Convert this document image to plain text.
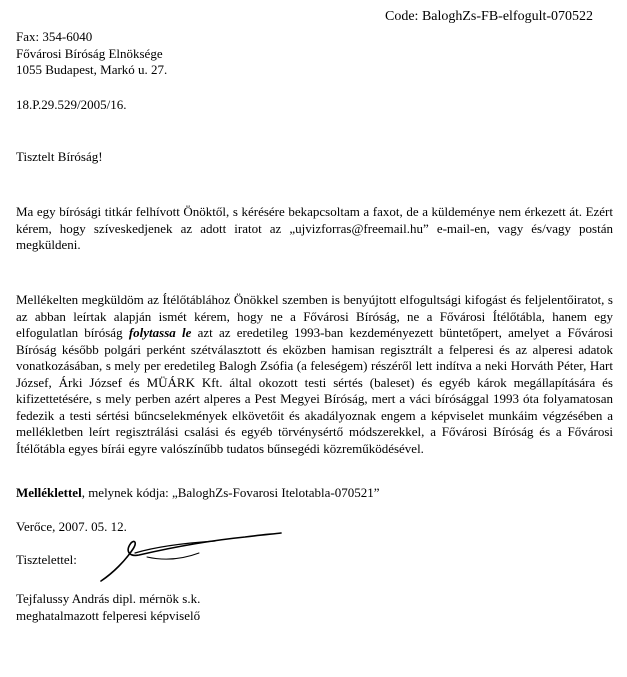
Code: BaloghZs-FB-elfogult-070522
Fax: 354-6040
Fővárosi Bíróság Elnöksége
1055 Budapest, Markó u. 27.
18.P.29.529/2005/16.
Tisztelt Bíróság!
Ma egy bírósági titkár felhívott Önöktől, s kérésére bekapcsoltam a faxot, de a küldeménye nem érkezett át. Ezért kérem, hogy szíveskedjenek az adott iratot az „ujvizforras@freemail.hu” e-mail-en, vagy és/vagy postán megküldeni.
Mellékelten megküldöm az Ítélőtáblához Önökkel szemben is benyújtott elfogultsági kifogást és feljelentőiratot, s az abban leírtak alapján ismét kérem, hogy ne a Fővárosi Bíróság, ne a Fővárosi Ítélőtábla, hanem egy elfogulatlan bíróság folytassa le azt az eredetileg 1993-ban kezdeményezett büntetőpert, amelyet a Fővárosi Bíróság később polgári perként szétválasztott és eközben hamisan regisztrált a felperesi és az alperesi adatok vonatkozásában, s mely per eredetileg Balogh Zsófia (a feleségem) részéről lett indítva a neki Horváth Péter, Hart József, Árki József és MÜÁRK Kft. által okozott testi sértés (baleset) és egyéb károk megállapítására és kifizettetésére, s mely perben azért alperes a Pest Megyei Bíróság, mert a váci bírósággal 1993 óta folyamatosan fedezik a testi sértési bűncselekmények elkövetőit és akadályoznak engem a képviselet munkáim végzésében a mellékletben leírt regisztrálási csalási és egyéb törvénysértő módszerekkel, a Fővárosi Bíróság és a Fővárosi Ítélőtábla egyes bírái egyre valószínűbb tudatos bűnsegédi közreműködésével.
Melléklettel, melynek kódja: „BaloghZs-Fovarosi Itelotabla-070521”
Verőce, 2007. 05. 12.
Tisztelettel:
Tejfalussy András dipl. mérnök s.k.
meghatalmazott felperesi képviselő
